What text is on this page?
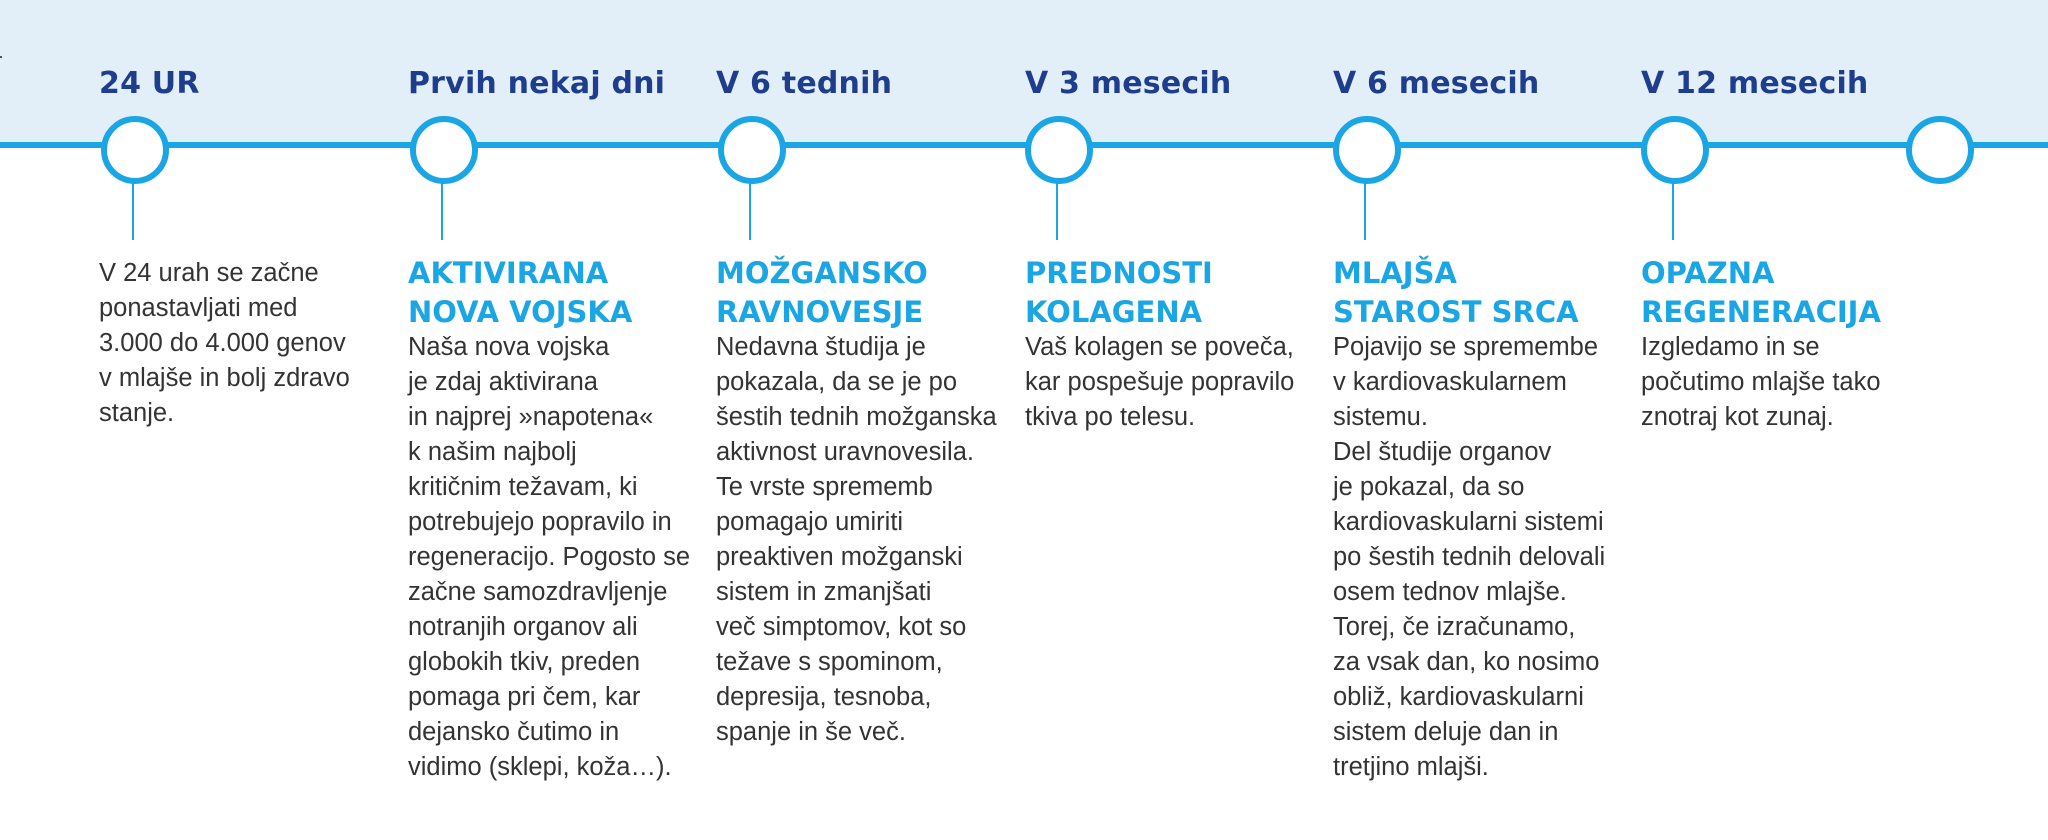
24 UR
V 24 urah se začne
ponastavljati med
3.000 do 4.000 genov
v mlajše in bolj zdravo
stanje.
Prvih nekaj dni
AKTIVIRANA
NOVA VOJSKA
Naša nova vojska
je zdaj aktivirana
in najprej »napotena«
k našim najbolj
kritičnim težavam, ki
potrebujejo popravilo in
regeneracijo. Pogosto se
začne samozdravljenje
notranjih organov ali
globokih tkiv, preden
pomaga pri čem, kar
dejansko čutimo in
vidimo (sklepi, koža…).
V 6 tednih
MOŽGANSKO
RAVNOVESJE
Nedavna študija je
pokazala, da se je po
šestih tednih možganska
aktivnost uravnovesila.
Te vrste sprememb
pomagajo umiriti
preaktiven možganski
sistem in zmanjšati
več simptomov, kot so
težave s spominom,
depresija, tesnoba,
spanje in še več.
V 3 mesecih
PREDNOSTI
KOLAGENA
Vaš kolagen se poveča,
kar pospešuje popravilo
tkiva po telesu.
V 6 mesecih
MLAJŠA
STAROST SRCA
Pojavijo se spremembe
v kardiovaskularnem
sistemu.
Del študije organov
je pokazal, da so
kardiovaskularni sistemi
po šestih tednih delovali
osem tednov mlajše.
Torej, če izračunamo,
za vsak dan, ko nosimo
obliž, kardiovaskularni
sistem deluje dan in
tretjino mlajši.
V 12 mesecih
OPAZNA
REGENERACIJA
Izgledamo in se
počutimo mlajše tako
znotraj kot zunaj.
